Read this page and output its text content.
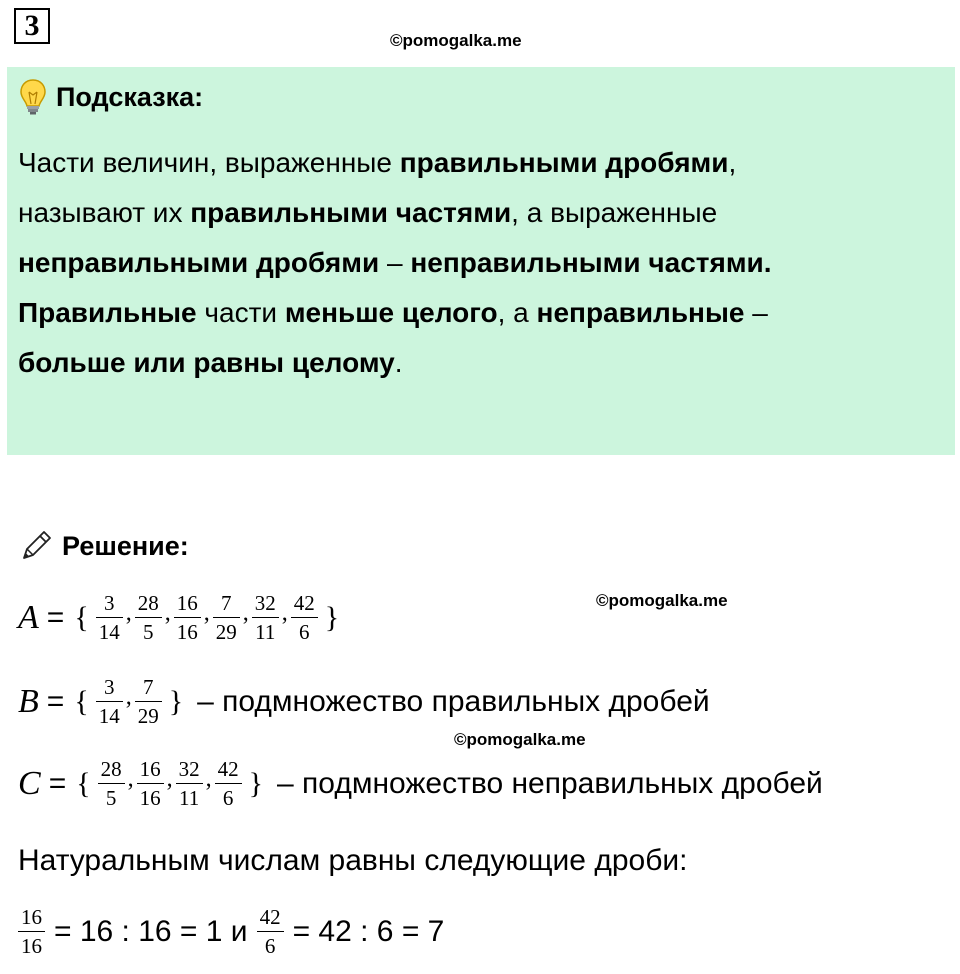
3	©pomogalka.me
Подсказка:
Части величин, выраженные правильными дробями,
называют их правильными частями, а выраженные
неправильными дробями – неправильными частями.
Правильные части меньше целого, а неправильные –
больше или равны целому.
Решение:
©pomogalka.me
A = { $\frac{3}{14}$ , $\frac{28}{5}$ , $\frac{16}{16}$ , $\frac{7}{29}$ , $\frac{32}{11}$ , $\frac{42}{6}$ }
B = { $\frac{3}{14}$ , $\frac{7}{29}$ } – подмножество правильных дробей
©pomogalka.me
C = { $\frac{28}{5}$ , $\frac{16}{16}$ , $\frac{32}{11}$ , $\frac{42}{6}$ } – подмножество неправильных дробей
Натуральным числам равны следующие дроби:
$\frac{16}{16} = 16$ : 16 = 1 и $\frac{42}{6} = 42$ : 6 = 7
